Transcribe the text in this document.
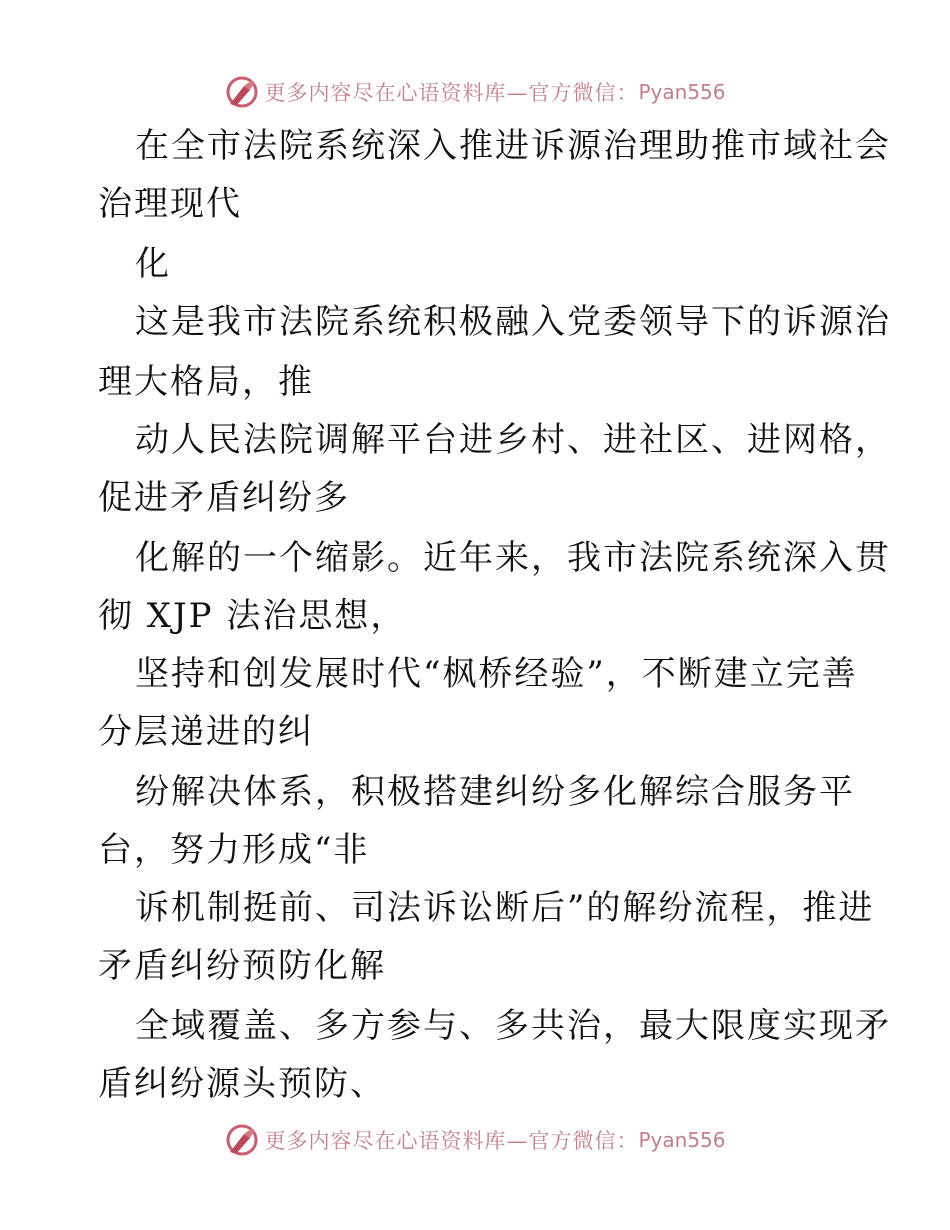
更多内容尽在心语资料库—官方微信： Pyan556
在全市法院系统深入推进诉源治理助推市域社会
治理现代
化
这是我市法院系统积极融入党委领导下的诉源治
理大格局，推
动人民法院调解平台进乡村、进社区、进网格，
促进矛盾纠纷多
化解的一个缩影。近年来，我市法院系统深入贯
彻 XJP 法治思想，
坚持和创发展时代“枫桥经验”，不断建立完善
分层递进的纠
纷解决体系，积极搭建纠纷多化解综合服务平
台，努力形成“非
诉机制挺前、司法诉讼断后”的解纷流程，推进
矛盾纠纷预防化解
全域覆盖、多方参与、多共治，最大限度实现矛
盾纠纷源头预防、
更多内容尽在心语资料库—官方微信： Pyan556
